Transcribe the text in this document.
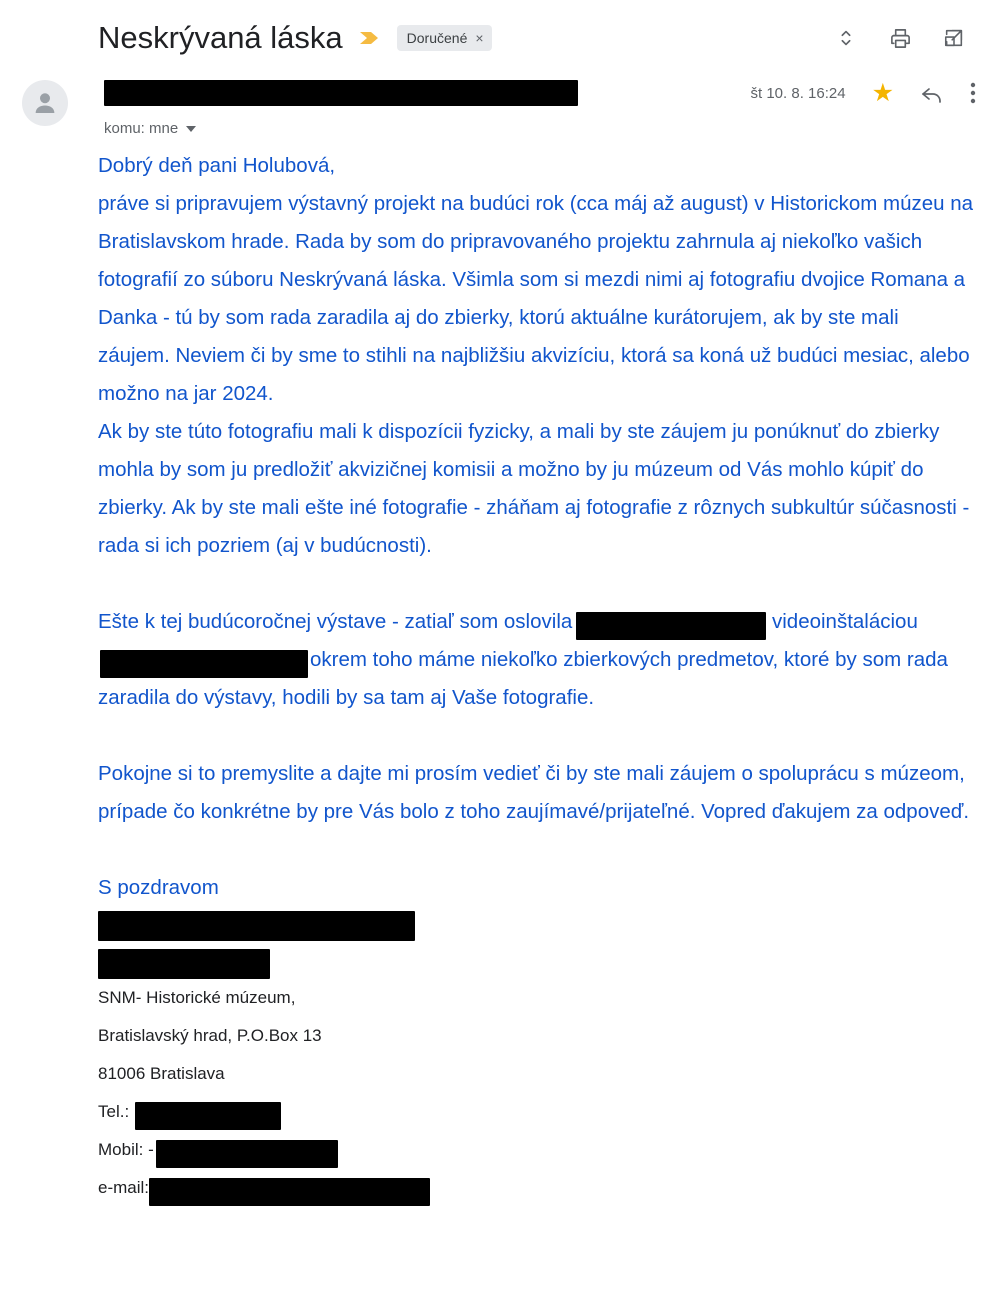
Neskrývaná láska	Doručené ×
komu: mne
št 10. 8. 16:24 ★

Dobrý deň pani Holubová,

práve si pripravujem výstavný projekt na budúci rok (cca máj až august) v Historickom múzeu na Bratislavskom hrade. Rada by som do pripravovaného projektu zahrnula aj niekoľko vašich fotografií zo súboru Neskrývaná láska. Všimla som si mezdi nimi aj fotografiu dvojice Romana a Danka - tú by som rada zaradila aj do zbierky, ktorú aktuálne kurátorujem, ak by ste mali záujem. Neviem či by sme to stihli na najbližšiu akvizíciu, ktorá sa koná už budúci mesiac, alebo možno na jar 2024.

Ak by ste túto fotografiu mali k dispozícii fyzicky, a mali by ste záujem ju ponúknuť do zbierky mohla by som ju predložiť akvizičnej komisii a možno by ju múzeum od Vás mohlo kúpiť do zbierky. Ak by ste mali ešte iné fotografie - zháňam aj fotografie z rôznych subkultúr súčasnosti - rada si ich pozriem (aj v budúcnosti).

Ešte k tej budúcoročnej výstave - zatiaľ som oslovila	videoinštaláciouokrem toho máme niekoľko zbierkových predmetov, ktoré by som rada zaradila do výstavy, hodili by sa tam aj Vaše fotografie.

Pokojne si to premyslite a dajte mi prosím vedieť či by ste mali záujem o spoluprácu s múzeom, prípade čo konkrétne by pre Vás bolo z toho zaujímavé/prijateľné. Vopred ďakujem za odpoveď.

S pozdravom

SNM- Historické múzeum,

Bratislavský hrad, P.O.Box 13

81006 Bratislava

Tel.:

Mobil: -

e-mail:
